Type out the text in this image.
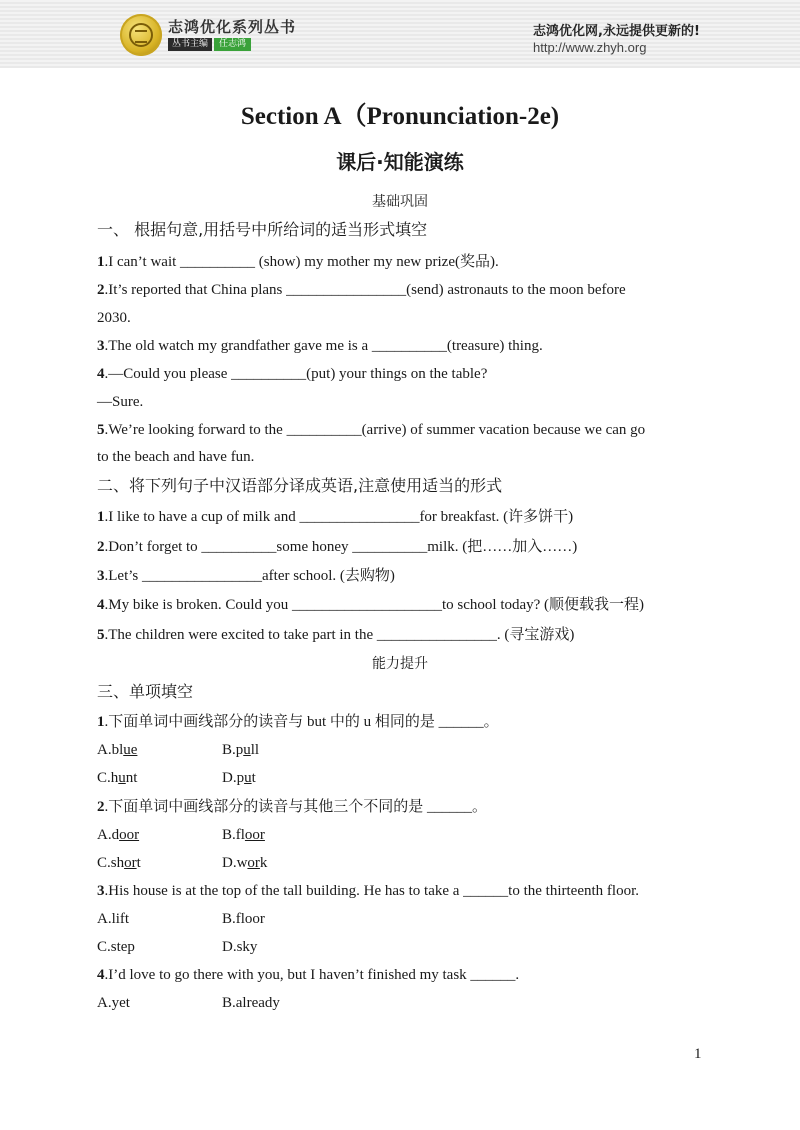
志鸿优化系列丛书
丛书主编	任志鸿
志鸿优化网,永远提供更新的!
http://www.zhyh.org
Section A（Pronunciation-2e)
课后·知能演练
基础巩固
一、 根据句意,用括号中所给词的适当形式填空
1.I can’t wait __________ (show) my mother my new prize(奖品).
2.It’s reported that China plans ________________(send) astronauts to the moon before
2030.
3.The old watch my grandfather gave me is a __________(treasure) thing.
4.—Could you please __________(put) your things on the table?
—Sure.
5.We’re looking forward to the __________(arrive) of summer vacation because we can go
to the beach and have fun.
二、将下列句子中汉语部分译成英语,注意使用适当的形式
1.I like to have a cup of milk and ________________for breakfast. (许多饼干)
2.Don’t forget to __________some honey __________milk. (把……加入……)
3.Let’s ________________after school. (去购物)
4.My bike is broken. Could you ____________________to school today? (顺便载我一程)
5.The children were excited to take part in the ________________. (寻宝游戏)
能力提升
三、单项填空
1.下面单词中画线部分的读音与 but 中的 u 相同的是 ______。
A.blue	B.pull
C.hunt	D.put
2.下面单词中画线部分的读音与其他三个不同的是 ______。
A.door	B.floor
C.short	D.work
3.His house is at the top of the tall building. He has to take a ______to the thirteenth floor.
A.lift	B.floor
C.step	D.sky
4.I’d love to go there with you, but I haven’t finished my task ______.
A.yet	B.already
1
